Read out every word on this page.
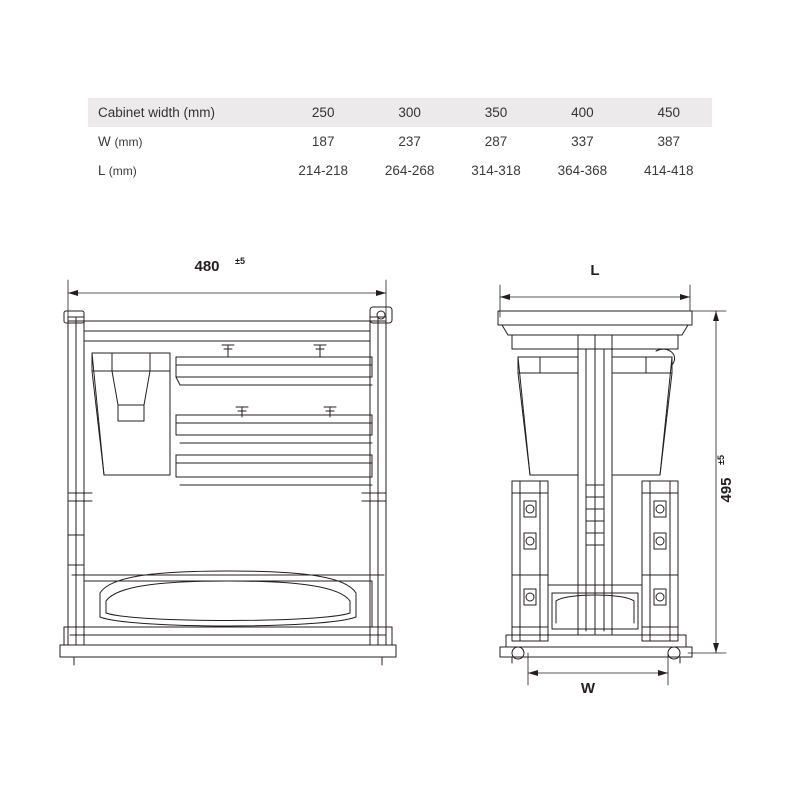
Cabinet width (mm)	250	300	350	400	450
W (mm)	187	237	287	337	387
L (mm)	214-218	264-268	314-318	364-368	414-418
480 ±5
L
W
495
±5
